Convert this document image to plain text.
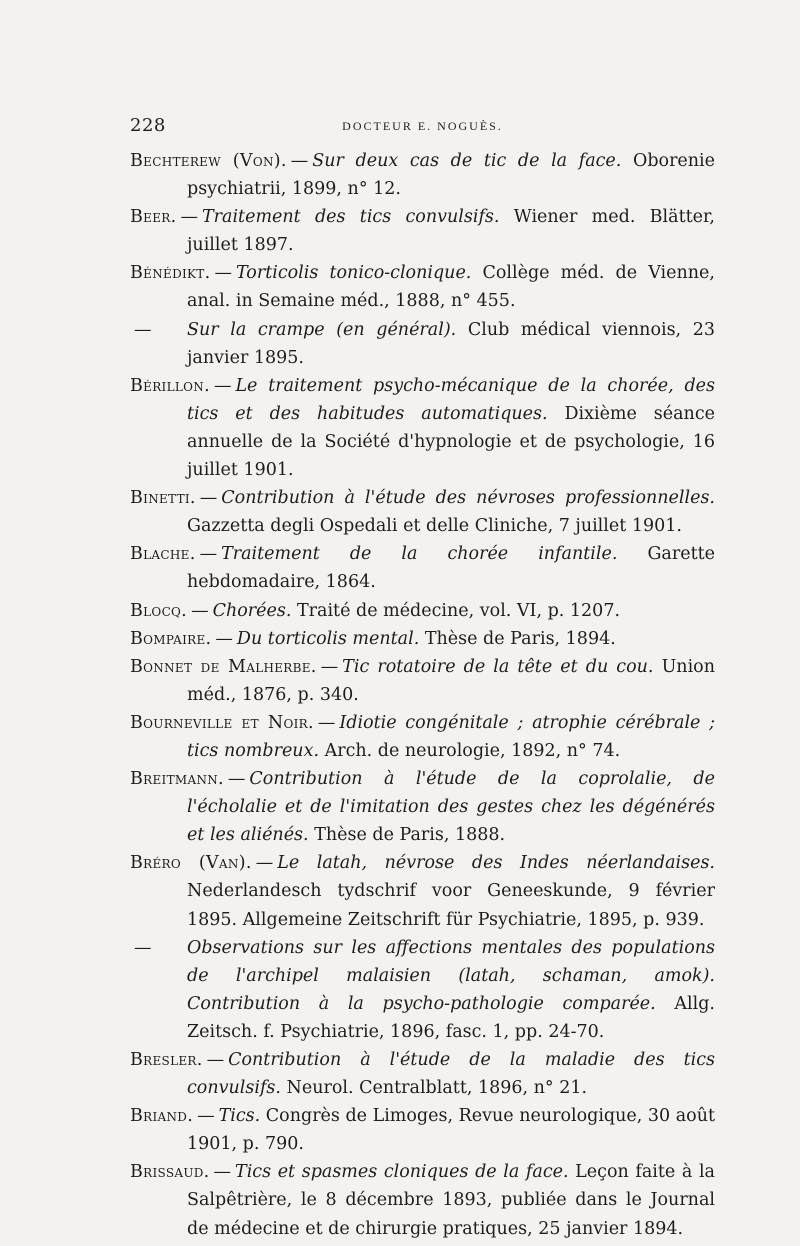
228	DOCTEUR E. NOGUÈS.

Bechterew (Von). — Sur deux cas de tic de la face. Oborenie psychiatrii, 1899, n° 12.

Beer. — Traitement des tics convulsifs. Wiener med. Blätter, juillet 1897.

Bénédikt. — Torticolis tonico-clonique. Collège méd. de Vienne, anal. in Semaine méd., 1888, n° 455.

— Sur la crampe (en général). Club médical viennois, 23 janvier 1895.

Bérillon. — Le traitement psycho-mécanique de la chorée, des tics et des habitudes automatiques. Dixième séance annuelle de la Société d'hypnologie et de psychologie, 16 juillet 1901.

Binetti. — Contribution à l'étude des névroses professionnelles. Gazzetta degli Ospedali et delle Cliniche, 7 juillet 1901.

Blache. — Traitement de la chorée infantile. Garette hebdomadaire, 1864.

Blocq. — Chorées. Traité de médecine, vol. VI, p. 1207.

Bompaire. — Du torticolis mental. Thèse de Paris, 1894.

Bonnet de Malherbe. — Tic rotatoire de la tête et du cou. Union méd., 1876, p. 340.

Bourneville et Noir. — Idiotie congénitale ; atrophie cérébrale ; tics nombreux. Arch. de neurologie, 1892, n° 74.

Breitmann. — Contribution à l'étude de la coprolalie, de l'écholalie et de l'imitation des gestes chez les dégénérés et les aliénés. Thèse de Paris, 1888.

Bréro (Van). — Le latah, névrose des Indes néerlandaises. Nederlandesch tydschrif voor Geneeskunde, 9 février 1895. Allgemeine Zeitschrift für Psychiatrie, 1895, p. 939.

— Observations sur les affections mentales des populations de l'archipel malaisien (latah, schaman, amok). Contribution à la psycho-pathologie comparée. Allg. Zeitsch. f. Psychiatrie, 1896, fasc. 1, pp. 24-70.

Bresler. — Contribution à l'étude de la maladie des tics convulsifs. Neurol. Centralblatt, 1896, n° 21.

Briand. — Tics. Congrès de Limoges, Revue neurologique, 30 août 1901, p. 790.

Brissaud. — Tics et spasmes cloniques de la face. Leçon faite à la Salpêtrière, le 8 décembre 1893, publiée dans le Journal de médecine et de chirurgie pratiques, 25 janvier 1894.
